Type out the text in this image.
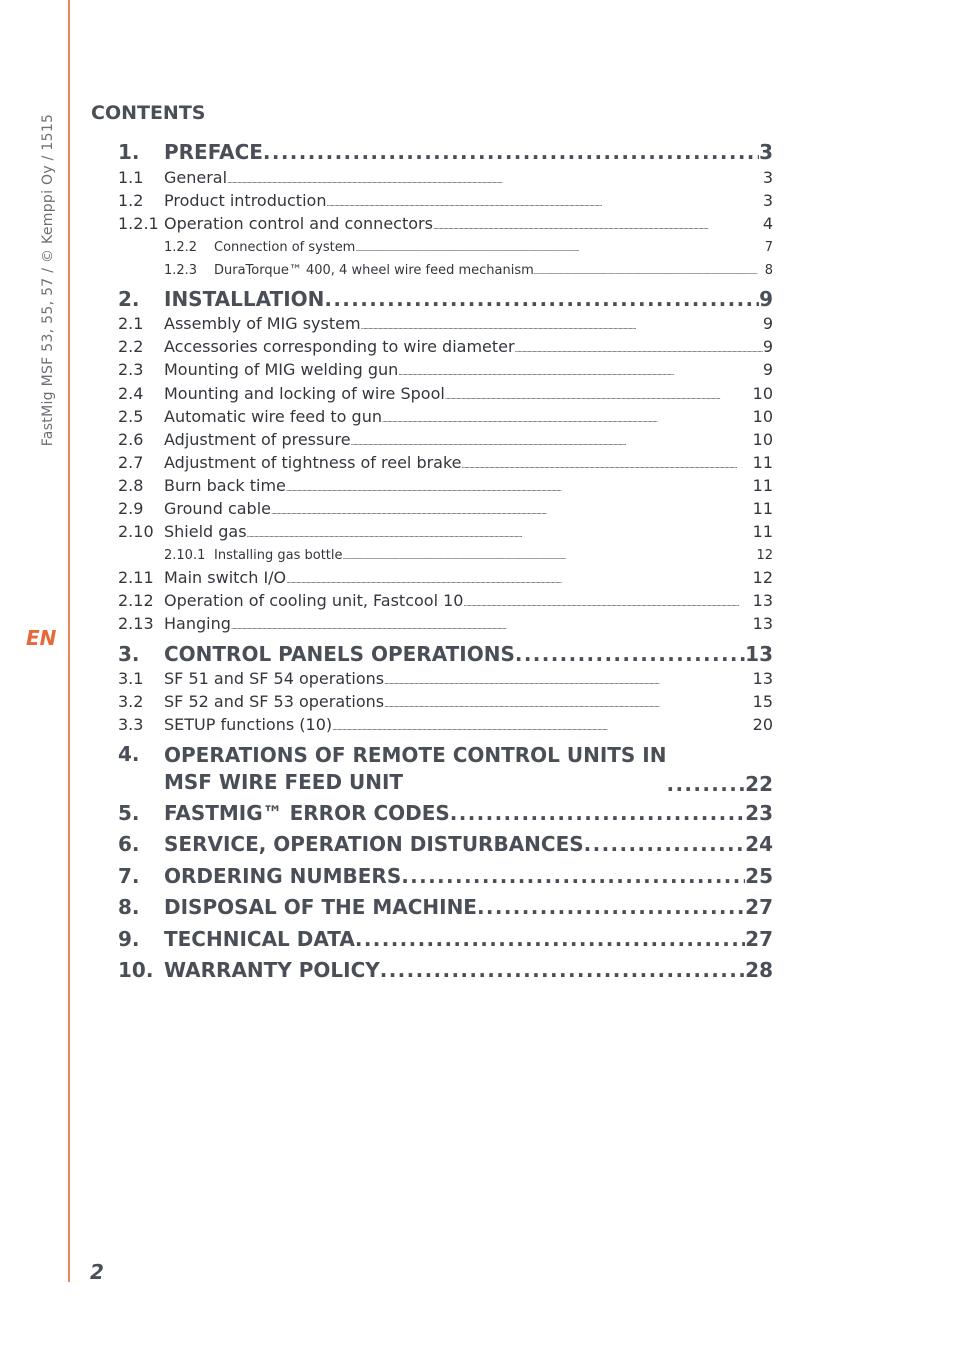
FastMig MSF 53, 55, 57 / © Kemppi Oy / 1515
EN
2
CONTENTS
1.	PREFACE . . .	3
1.1	General . . .	3
1.2	Product introduction . . .	3
1.2.1 Operation control and connectors . . .	4
1.2.2	Connection of system . . .	7
1.2.3	DuraTorque™ 400, 4 wheel wire feed mechanism . . .	8
2.	INSTALLATION . . .	9
2.1	Assembly of MIG system . . .	9
2.2	Accessories corresponding to wire diameter . . .	9
2.3	Mounting of MIG welding gun . . .	9
2.4	Mounting and locking of wire Spool . . .	10
2.5	Automatic wire feed to gun . . .	10
2.6	Adjustment of pressure . . .	10
2.7	Adjustment of tightness of reel brake . . .	11
2.8	Burn back time . . .	11
2.9	Ground cable . . .	11
2.10 Shield gas . . .	11
2.10.1 Installing gas bottle . . .	12
2.11 Main switch I/O . . .	12
2.12 Operation of cooling unit, Fastcool 10 . . .	13
2.13 Hanging . . .	13
3.	CONTROL PANELS OPERATIONS . . .	13
3.1	SF 51 and SF 54 operations . . .	13
3.2	SF 52 and SF 53 operations . . .	15
3.3	SETUP functions (10) . . .	20
4.	OPERATIONS OF REMOTE CONTROL UNITS IN
MSF WIRE FEED UNIT . . .	22
5.	FASTMIG™ ERROR CODES . . .	23
6.	SERVICE, OPERATION DISTURBANCES . . .	24
7.	ORDERING NUMBERS . . .	25
8.	DISPOSAL OF THE MACHINE . . .	27
9.	TECHNICAL DATA . . .	27
10. WARRANTY POLICY . . .	28
